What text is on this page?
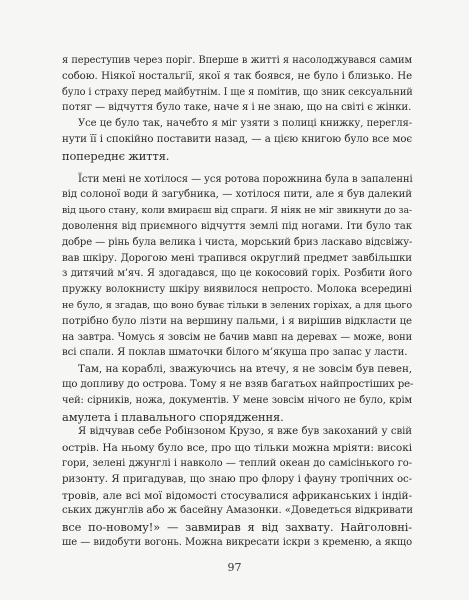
я переступив через поріг. Вперше в житті я насолоджувався самим
собою. Ніякої ностальгії, якої я так боявся, не було і близько. Не
було і страху перед майбутнім. І ще я помітив, що зник сексуальний
потяг — відчуття було таке, наче я і не знаю, що на світі є жінки.
Усе це було так, начебто я міг узяти з полиці книжку, перегля-
нути її і спокійно поставити назад, — а цією книгою було все моє
попереднє життя.
Їсти мені не хотілося — уся ротова порожнина була в запаленні
від солоної води й загубника, — хотілося пити, але я був далекий
від цього стану, коли вмираєш від спраги. Я ніяк не міг звикнути до за-
доволення від приємного відчуття землі під ногами. Іти було так
добре — рінь була велика і чиста, морський бриз ласкаво відсвіжу-
вав шкіру. Дорогою мені трапився округлий предмет завбільшки
з дитячий м’яч. Я здогадався, що це кокосовий горіх. Розбити його
пружку волокнисту шкіру виявилося непросто. Молока всередині
не було, я згадав, що воно буває тільки в зелених горіхах, а для цього
потрібно було лізти на вершину пальми, і я вирішив відкласти це
на завтра. Чомусь я зовсім не бачив мавп на деревах — може, вони
всі спали. Я поклав шматочки білого м’якуша про запас у ласти.
Там, на кораблі, зважуючись на втечу, я не зовсім був певен,
що допливу до острова. Тому я не взяв багатьох найпростіших ре-
чей: сірників, ножа, документів. У мене зовсім нічого не було, крім
амулета і плавального спорядження.
Я відчував себе Робінзоном Крузо, я вже був закоханий у свій
острів. На ньому було все, про що тільки можна мріяти: високі
гори, зелені джунглі і навколо — теплий океан до самісінького го-
ризонту. Я пригадував, що знаю про флору і фауну тропічних ос-
тровів, але всі мої відомості стосувалися африканських і індій-
ських джунглів або ж басейну Амазонки. «Доведеться відкривати
все по-новому!» — завмирав я від захвату. Найголовні-
ше — видобути вогонь. Можна викресати іскри з кременю, а якщо
97
